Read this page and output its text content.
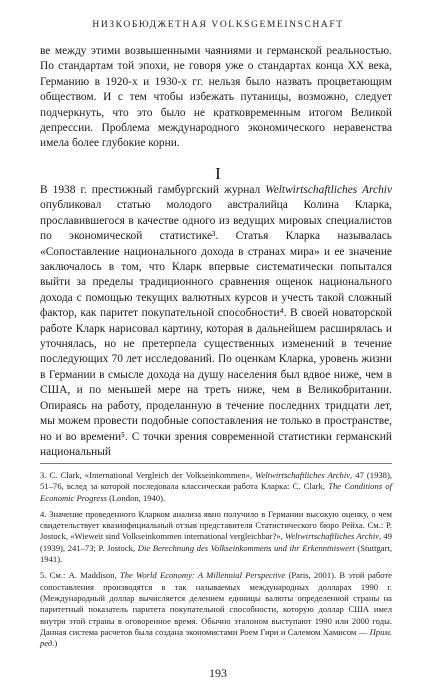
НИЗКОБЮДЖЕТНАЯ VOLKSGEMEINSCHAFT

ве между этими возвышенными чаяниями и германской реальностью. По стандартам той эпохи, не говоря уже о стандартах конца XX века, Германию в 1920-х и 1930-х гг. нельзя было назвать процветающим обществом. И с тем чтобы избежать путаницы, возможно, следует подчеркнуть, что это было не кратковременным итогом Великой депрессии. Проблема международного экономического неравенства имела более глубокие корни.

I

В 1938 г. престижный гамбургский журнал Weltwirtschaftliches Archiv опубликовал статью молодого австралийца Колина Кларка, прославившегося в качестве одного из ведущих мировых специалистов по экономической статистике³. Статья Кларка называлась «Сопоставление национального дохода в странах мира» и ее значение заключалось в том, что Кларк впервые систематически попытался выйти за пределы традиционного сравнения ощенок национального дохода с помощью текущих валютных курсов и учесть такой сложный фактор, как паритет покупательной способности⁴. В своей новаторской работе Кларк нарисовал картину, которая в дальнейшем расширялась и уточнялась, но не претерпела существенных изменений в течение последующих 70 лет исследований. По оценкам Кларка, уровень жизни в Германии в смысле дохода на душу населения был вдвое ниже, чем в США, и по меньшей мере на треть ниже, чем в Великобритании. Опираясь на работу, проделанную в течение последних тридцати лет, мы можем провести подобные сопоставления не только в пространстве, но и во времени⁵. С точки зрения современной статистики германский национальный

3. C. Clark, «International Vergleich der Volkseinkommen», Weltwirtschaftliches Archiv, 47 (1938), 51–76, вслед за которой последовала классическая работа Кларка: C. Clark, The Conditions of Economic Progress (London, 1940).

4. Значение проведенного Кларком анализа явно получило в Германии высокую оценку, о чем свидетельствует квазиофициальный отзыв представителя Статистического бюро Рейха. См.: P. Jostock, «Wieweit sind Volkseinkommen international vergleichbar?», Weltwirtschaftliches Archiv, 49 (1939), 241–73; P. Jostock, Die Berechnung des Volkseinkommens und ihr Erkenntniswert (Stuttgart, 1941).

5. См.: A. Maddison, The World Economy: A Millennial Perspective (Paris, 2001). В этой работе сопоставления производятся в так называемых международных долларах 1990 г. (Международный доллар вычисляется делением единицы валюты определенной страны на паритетный показатель паритета покупательной способности, которую доллар США имел внутри этой страны в оговоренное время. Обычно эталоном выступают 1990 или 2000 годы. Данная система расчетов была создана экономистами Роем Гири и Салемом Хамисом — Прим. ред.)

193
